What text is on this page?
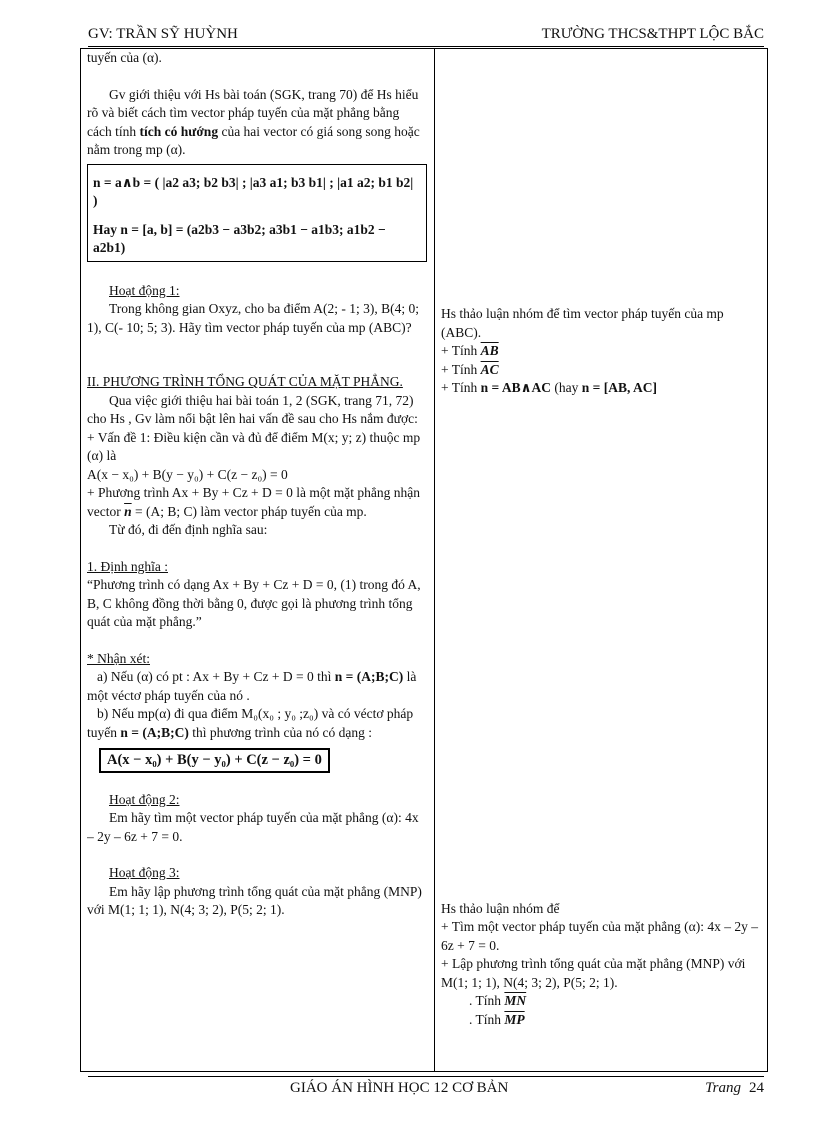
GV: TRẦN SỸ HUỲNH	TRƯỜNG THCS&THPT LỘC BẮC

tuyến của (α).

Gv giới thiệu với Hs bài toán (SGK, trang 70) để Hs hiểu rõ và biết cách tìm vector pháp tuyến của mặt phẳng bằng cách tính tích có hướng của hai vector có giá song song hoặc nằm trong mp (α).

n = a∧b = ( |a2 a3; b2 b3| ; |a3 a1; b3 b1| ; |a1 a2; b1 b2| )
Hay n = [a, b] = (a2b3 − a3b2; a3b1 − a1b3; a1b2 − a2b1)

Hoạt động 1:

Trong không gian Oxyz, cho ba điểm A(2; - 1; 3), B(4; 0; 1), C(- 10; 5; 3). Hãy tìm vector pháp tuyến của mp (ABC)?

II. PHƯƠNG TRÌNH TỔNG QUÁT CỦA MẶT PHẲNG.

Qua việc giới thiệu hai bài toán 1, 2 (SGK, trang 71, 72) cho Hs , Gv làm nổi bật lên hai vấn đề sau cho Hs nắm được:

+ Vấn đề 1: Điều kiện cần và đủ để điểm M(x; y; z) thuộc mp (α) là

A(x − x₀) + B(y − y₀) + C(z − z₀) = 0

+ Phương trình Ax + By + Cz + D = 0 là một mặt phẳng nhận vector $\overline{n} = (A$; B; C) làm vector pháp tuyến của mp.

Từ đó, đi đến định nghĩa sau:

1. Định nghĩa :

“Phương trình có dạng Ax + By + Cz + D = 0, (1) trong đó A, B, C không đồng thời bằng 0, được gọi là phương trình tổng quát của mặt phẳng.”

* Nhận xét:

a) Nếu (α) có pt : Ax + By + Cz + D = 0 thì n = (A;B;C) là một véctơ pháp tuyến của nó .

b) Nếu mp(α) đi qua điểm M₀(x₀ ; y₀ ;z₀) và có véctơ pháp tuyến n = (A;B;C) thì phương trình của nó có dạng :

A(x − x₀) + B(y − y₀) + C(z − z₀) = 0

Hoạt động 2:

Em hãy tìm một vector pháp tuyến của mặt phẳng (α): 4x – 2y – 6z + 7 = 0.

Hoạt động 3:

Em hãy lập phương trình tổng quát của mặt phẳng (MNP) với M(1; 1; 1), N(4; 3; 2), P(5; 2; 1).

Hs thảo luận nhóm để tìm vector pháp tuyến của mp (ABC).

+ Tính $\overline{AB}$

+ Tính $\overline{AC}$

+ Tính n = AB∧AC (hay n = [AB, AC]

Hs thảo luận nhóm để

+ Tìm một vector pháp tuyến của mặt phẳng (α): 4x – 2y – 6z + 7 = 0.

+ Lập phương trình tổng quát của mặt phẳng (MNP) với M(1; 1; 1), N(4; 3; 2), P(5; 2; 1).

. Tính $\overline{MN}$

. Tính $\overline{MP}$

GIÁO ÁN HÌNH HỌC 12 CƠ BẢN	Trang 24
